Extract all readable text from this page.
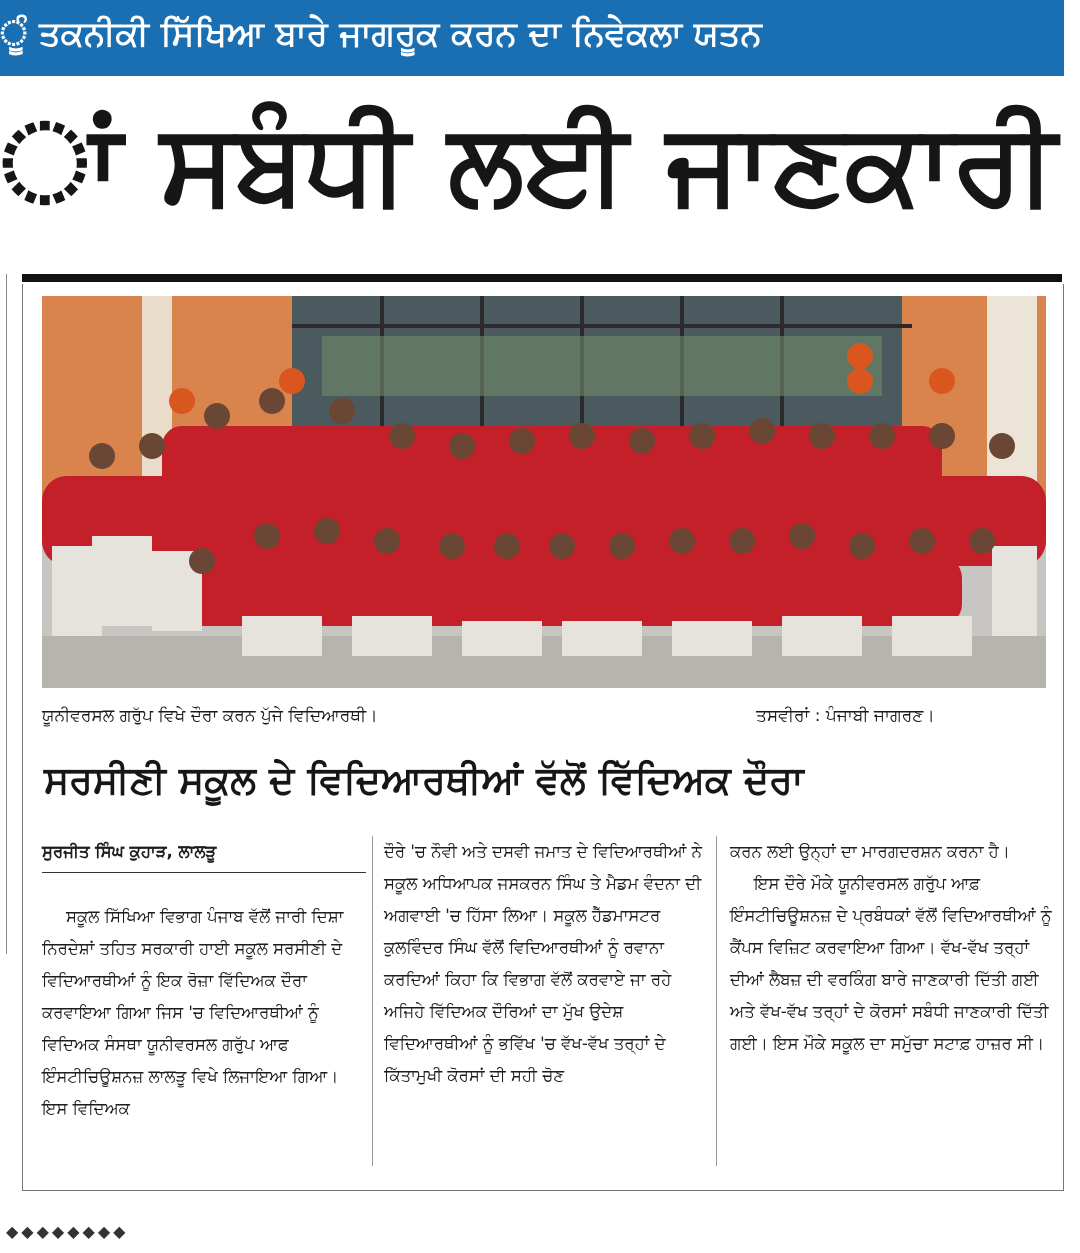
ੂੰ ਤਕਨੀਕੀ ਸਿੱਖਿਆ ਬਾਰੇ ਜਾਗਰੂਕ ਕਰਨ ਦਾ ਨਿਵੇਕਲਾ ਯਤਨ
ਾਂ ਸਬੰਧੀ ਲਈ ਜਾਣਕਾਰੀ
ਯੂਨੀਵਰਸਲ ਗਰੁੱਪ ਵਿਖੇ ਦੌਰਾ ਕਰਨ ਪੁੱਜੇ ਵਿਦਿਆਰਥੀ।	ਤਸਵੀਰਾਂ : ਪੰਜਾਬੀ ਜਾਗਰਣ।
ਸਰਸੀਣੀ ਸਕੂਲ ਦੇ ਵਿਦਿਆਰਥੀਆਂ ਵੱਲੋਂ ਵਿੱਦਿਅਕ ਦੌਰਾ

ਸੁਰਜੀਤ ਸਿੰਘ ਕੁਹਾੜ, ਲਾਲੜੂ

ਸਕੂਲ ਸਿੱਖਿਆ ਵਿਭਾਗ ਪੰਜਾਬ ਵੱਲੋਂ ਜਾਰੀ ਦਿਸ਼ਾ ਨਿਰਦੇਸ਼ਾਂ ਤਹਿਤ ਸਰਕਾਰੀ ਹਾਈ ਸਕੂਲ ਸਰਸੀਣੀ ਦੇ ਵਿਦਿਆਰਥੀਆਂ ਨੂੰ ਇਕ ਰੋਜ਼ਾ ਵਿੱਦਿਅਕ ਦੌਰਾ ਕਰਵਾਇਆ ਗਿਆ ਜਿਸ 'ਚ ਵਿਦਿਆਰਥੀਆਂ ਨੂੰ ਵਿਦਿਅਕ ਸੰਸਥਾ ਯੂਨੀਵਰਸਲ ਗਰੁੱਪ ਆਫ ਇੰਸਟੀਚਿਊਸ਼ਨਜ਼ ਲਾਲੜੂ ਵਿਖੇ ਲਿਜਾਇਆ ਗਿਆ। ਇਸ ਵਿਦਿਅਕ

ਦੌਰੇ 'ਚ ਨੌਵੀ ਅਤੇ ਦਸਵੀ ਜਮਾਤ ਦੇ ਵਿਦਿਆਰਥੀਆਂ ਨੇ ਸਕੂਲ ਅਧਿਆਪਕ ਜਸਕਰਨ ਸਿੰਘ ਤੇ ਮੈਡਮ ਵੰਦਨਾ ਦੀ ਅਗਵਾਈ 'ਚ ਹਿੱਸਾ ਲਿਆ। ਸਕੂਲ ਹੈੱਡਮਾਸਟਰ ਕੁਲਵਿੰਦਰ ਸਿੰਘ ਵੱਲੋਂ ਵਿਦਿਆਰਥੀਆਂ ਨੂੰ ਰਵਾਨਾ ਕਰਦਿਆਂ ਕਿਹਾ ਕਿ ਵਿਭਾਗ ਵੱਲੋਂ ਕਰਵਾਏ ਜਾ ਰਹੇ ਅਜਿਹੇ ਵਿੱਦਿਅਕ ਦੌਰਿਆਂ ਦਾ ਮੁੱਖ ਉਦੇਸ਼ ਵਿਦਿਆਰਥੀਆਂ ਨੂੰ ਭਵਿੱਖ 'ਚ ਵੱਖ-ਵੱਖ ਤਰ੍ਹਾਂ ਦੇ ਕਿੱਤਾਮੁਖੀ ਕੋਰਸਾਂ ਦੀ ਸਹੀ ਚੋਣ

ਕਰਨ ਲਈ ਉਨ੍ਹਾਂ ਦਾ ਮਾਰਗਦਰਸ਼ਨ ਕਰਨਾ ਹੈ।

ਇਸ ਦੌਰੇ ਮੌਕੇ ਯੂਨੀਵਰਸਲ ਗਰੁੱਪ ਆਫ਼ ਇੰਸਟੀਚਿਊਸ਼ਨਜ਼ ਦੇ ਪ੍ਰਬੰਧਕਾਂ ਵੱਲੋਂ ਵਿਦਿਆਰਥੀਆਂ ਨੂੰ ਕੈਂਪਸ ਵਿਜ਼ਿਟ ਕਰਵਾਇਆ ਗਿਆ। ਵੱਖ-ਵੱਖ ਤਰ੍ਹਾਂ ਦੀਆਂ ਲੈਬਜ਼ ਦੀ ਵਰਕਿੰਗ ਬਾਰੇ ਜਾਣਕਾਰੀ ਦਿੱਤੀ ਗਈ ਅਤੇ ਵੱਖ-ਵੱਖ ਤਰ੍ਹਾਂ ਦੇ ਕੋਰਸਾਂ ਸਬੰਧੀ ਜਾਣਕਾਰੀ ਦਿੱਤੀ ਗਈ। ਇਸ ਮੌਕੇ ਸਕੂਲ ਦਾ ਸਮੁੱਚਾ ਸਟਾਫ਼ ਹਾਜ਼ਰ ਸੀ।

◆◆◆◆◆◆◆◆
